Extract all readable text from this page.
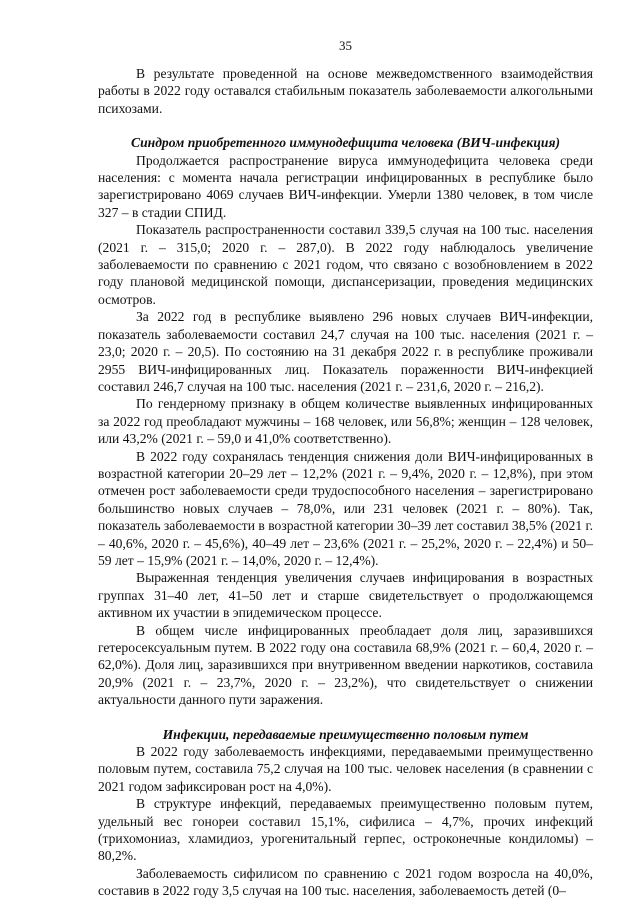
35

В результате проведенной на основе межведомственного взаимодействия работы в 2022 году оставался стабильным показатель заболеваемости алкогольными психозами.

Синдром приобретенного иммунодефицита человека (ВИЧ-инфекция)

Продолжается распространение вируса иммунодефицита человека среди населения: с момента начала регистрации инфицированных в республике было зарегистрировано 4069 случаев ВИЧ-инфекции. Умерли 1380 человек, в том числе 327 – в стадии СПИД.

Показатель распространенности составил 339,5 случая на 100 тыс. населения (2021 г. – 315,0; 2020 г. – 287,0). В 2022 году наблюдалось увеличение заболеваемости по сравнению с 2021 годом, что связано с возобновлением в 2022 году плановой медицинской помощи, диспансеризации, проведения медицинских осмотров.

За 2022 год в республике выявлено 296 новых случаев ВИЧ-инфекции, показатель заболеваемости составил 24,7 случая на 100 тыс. населения (2021 г. – 23,0; 2020 г. – 20,5). По состоянию на 31 декабря 2022 г. в республике проживали 2955 ВИЧ-инфицированных лиц. Показатель пораженности ВИЧ-инфекцией составил 246,7 случая на 100 тыс. населения (2021 г. – 231,6, 2020 г. – 216,2).

По гендерному признаку в общем количестве выявленных инфицированных за 2022 год преобладают мужчины – 168 человек, или 56,8%; женщин – 128 человек, или 43,2% (2021 г. – 59,0 и 41,0% соответственно).

В 2022 году сохранялась тенденция снижения доли ВИЧ-инфицированных в возрастной категории 20–29 лет – 12,2% (2021 г. – 9,4%, 2020 г. – 12,8%), при этом отмечен рост заболеваемости среди трудоспособного населения – зарегистрировано большинство новых случаев – 78,0%, или 231 человек (2021 г. – 80%). Так, показатель заболеваемости в возрастной категории 30–39 лет составил 38,5% (2021 г. – 40,6%, 2020 г. – 45,6%), 40–49 лет – 23,6% (2021 г. – 25,2%, 2020 г. – 22,4%) и 50–59 лет – 15,9% (2021 г. – 14,0%, 2020 г. – 12,4%).

Выраженная тенденция увеличения случаев инфицирования в возрастных группах 31–40 лет, 41–50 лет и старше свидетельствует о продолжающемся активном их участии в эпидемическом процессе.

В общем числе инфицированных преобладает доля лиц, заразившихся гетеросексуальным путем. В 2022 году она составила 68,9% (2021 г. – 60,4, 2020 г. – 62,0%). Доля лиц, заразившихся при внутривенном введении наркотиков, составила 20,9% (2021 г. – 23,7%, 2020 г. – 23,2%), что свидетельствует о снижении актуальности данного пути заражения.

Инфекции, передаваемые преимущественно половым путем

В 2022 году заболеваемость инфекциями, передаваемыми преимущественно половым путем, составила 75,2 случая на 100 тыс. человек населения (в сравнении с 2021 годом зафиксирован рост на 4,0%).

В структуре инфекций, передаваемых преимущественно половым путем, удельный вес гонореи составил 15,1%, сифилиса – 4,7%, прочих инфекций (трихомониаз, хламидиоз, урогенитальный герпес, остроконечные кондиломы) – 80,2%.

Заболеваемость сифилисом по сравнению с 2021 годом возросла на 40,0%, составив в 2022 году 3,5 случая на 100 тыс. населения, заболеваемость детей (0–
